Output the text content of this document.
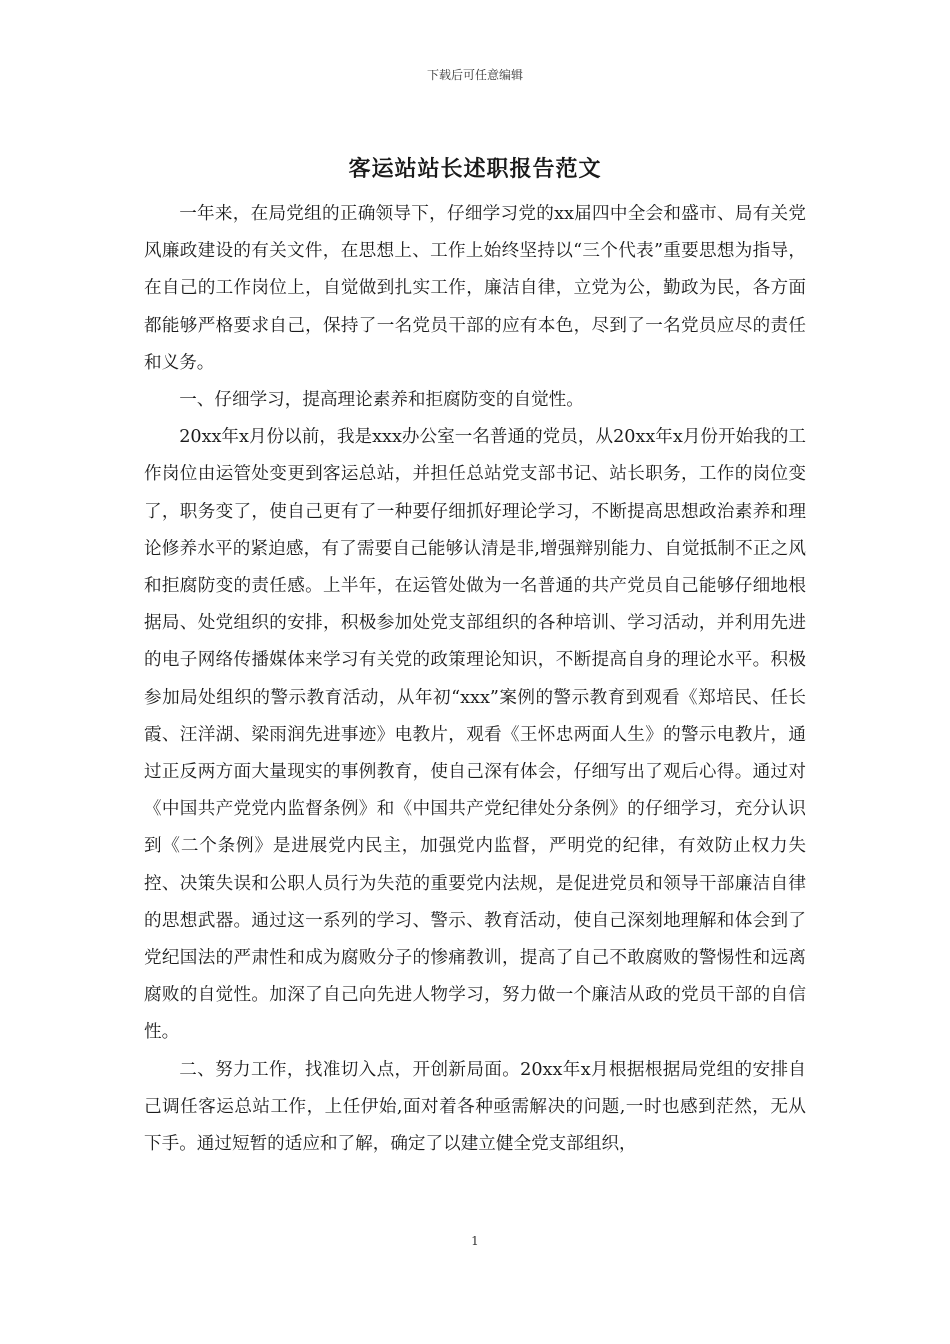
下载后可任意编辑
客运站站长述职报告范文

一年来，在局党组的正确领导下，仔细学习党的xx届四中全会和盛市、局有关党风廉政建设的有关文件，在思想上、工作上始终坚持以“三个代表”重要思想为指导，在自己的工作岗位上，自觉做到扎实工作，廉洁自律，立党为公，勤政为民，各方面都能够严格要求自己，保持了一名党员干部的应有本色，尽到了一名党员应尽的责任和义务。

一、仔细学习，提高理论素养和拒腐防变的自觉性。

20xx年x月份以前，我是xxx办公室一名普通的党员，从20xx年x月份开始我的工作岗位由运管处变更到客运总站，并担任总站党支部书记、站长职务，工作的岗位变了，职务变了，使自己更有了一种要仔细抓好理论学习，不断提高思想政治素养和理论修养水平的紧迫感，有了需要自己能够认清是非,增强辩别能力、自觉抵制不正之风和拒腐防变的责任感。上半年，在运管处做为一名普通的共产党员自己能够仔细地根据局、处党组织的安排，积极参加处党支部组织的各种培训、学习活动，并利用先进的电子网络传播媒体来学习有关党的政策理论知识，不断提高自身的理论水平。积极参加局处组织的警示教育活动，从年初“xxx”案例的警示教育到观看《郑培民、任长霞、汪洋湖、梁雨润先进事迹》电教片，观看《王怀忠两面人生》的警示电教片，通过正反两方面大量现实的事例教育，使自己深有体会，仔细写出了观后心得。通过对《中国共产党党内监督条例》和《中国共产党纪律处分条例》的仔细学习，充分认识到《二个条例》是进展党内民主，加强党内监督，严明党的纪律，有效防止权力失控、决策失误和公职人员行为失范的重要党内法规，是促进党员和领导干部廉洁自律的思想武器。通过这一系列的学习、警示、教育活动，使自己深刻地理解和体会到了党纪国法的严肃性和成为腐败分子的惨痛教训，提高了自己不敢腐败的警惕性和远离腐败的自觉性。加深了自己向先进人物学习，努力做一个廉洁从政的党员干部的自信性。

二、努力工作，找准切入点，开创新局面。20xx年x月根据根据局党组的安排自己调任客运总站工作，上任伊始,面对着各种亟需解决的问题,一时也感到茫然，无从下手。通过短暂的适应和了解，确定了以建立健全党支部组织，

1
